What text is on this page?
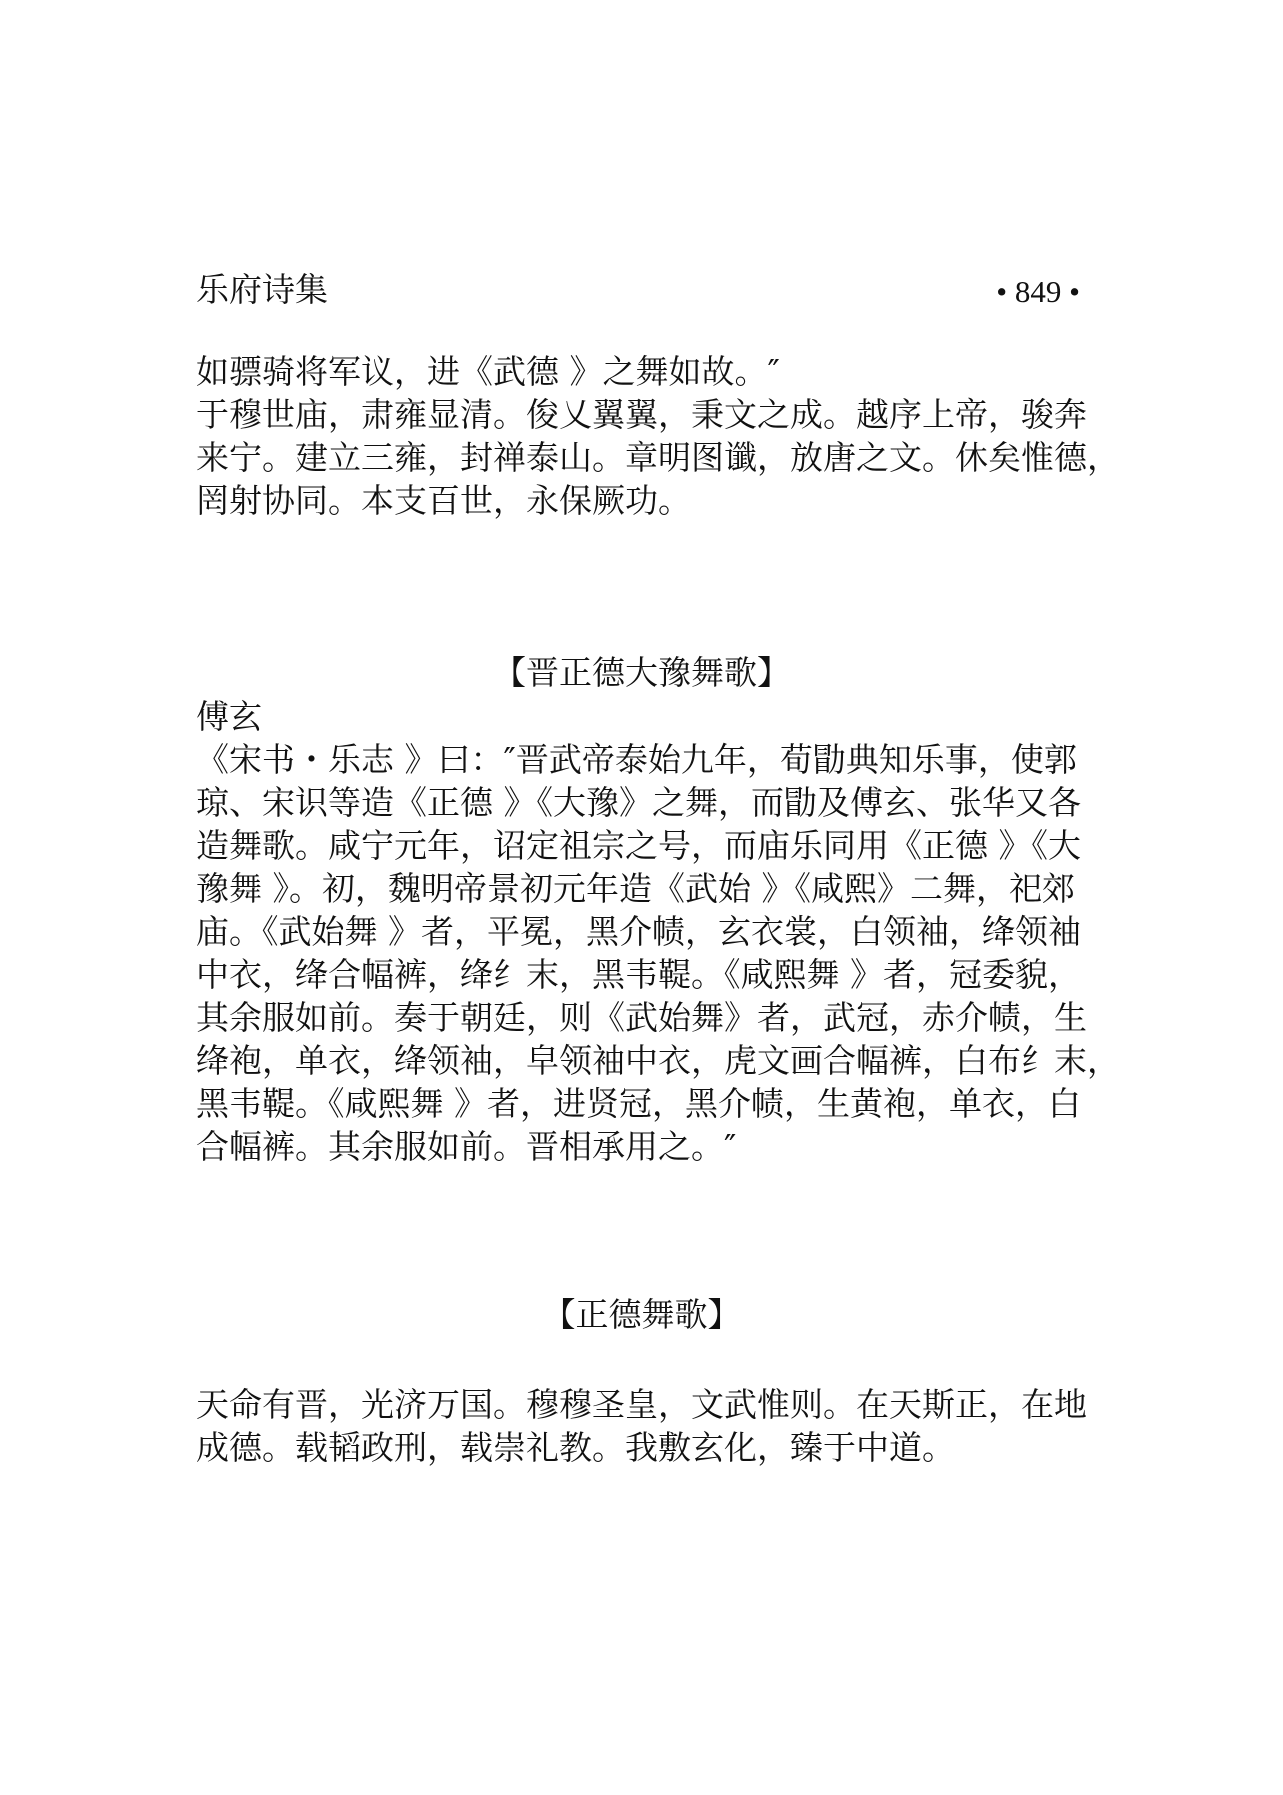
乐府诗集	• 849 •
如骠骑将军议，进《武德 》之舞如故。″
于穆世庙，肃雍显清。俊乂翼翼，秉文之成。越序上帝，骏奔
来宁。建立三雍，封禅泰山。章明图谶，放唐之文。休矣惟德，
罔射协同。本支百世，永保厥功。
【晋正德大豫舞歌】
傅玄
《宋书・乐志 》曰：″晋武帝泰始九年，荀勖典知乐事，使郭
琼、宋识等造《正德 》《大豫》之舞，而勖及傅玄、张华又各
造舞歌。咸宁元年，诏定祖宗之号，而庙乐同用《正德 》《大
豫舞 》。初，魏明帝景初元年造《武始 》《咸熙》二舞，祀郊
庙。《武始舞 》者，平冕，黑介帻，玄衣裳，白领袖，绛领袖
中衣，绛合幅裤，绛纟末，黑韦鞮。《咸熙舞 》者，冠委貌，
其余服如前。奏于朝廷，则《武始舞》者，武冠，赤介帻，生
绛袍，单衣，绛领袖，皁领袖中衣，虎文画合幅裤，白布纟末，
黑韦鞮。《咸熙舞 》者，进贤冠，黑介帻，生黄袍，单衣，白
合幅裤。其余服如前。晋相承用之。″
【正德舞歌】
天命有晋，光济万国。穆穆圣皇，文武惟则。在天斯正，在地
成德。载韬政刑，载崇礼教。我敷玄化，臻于中道。
